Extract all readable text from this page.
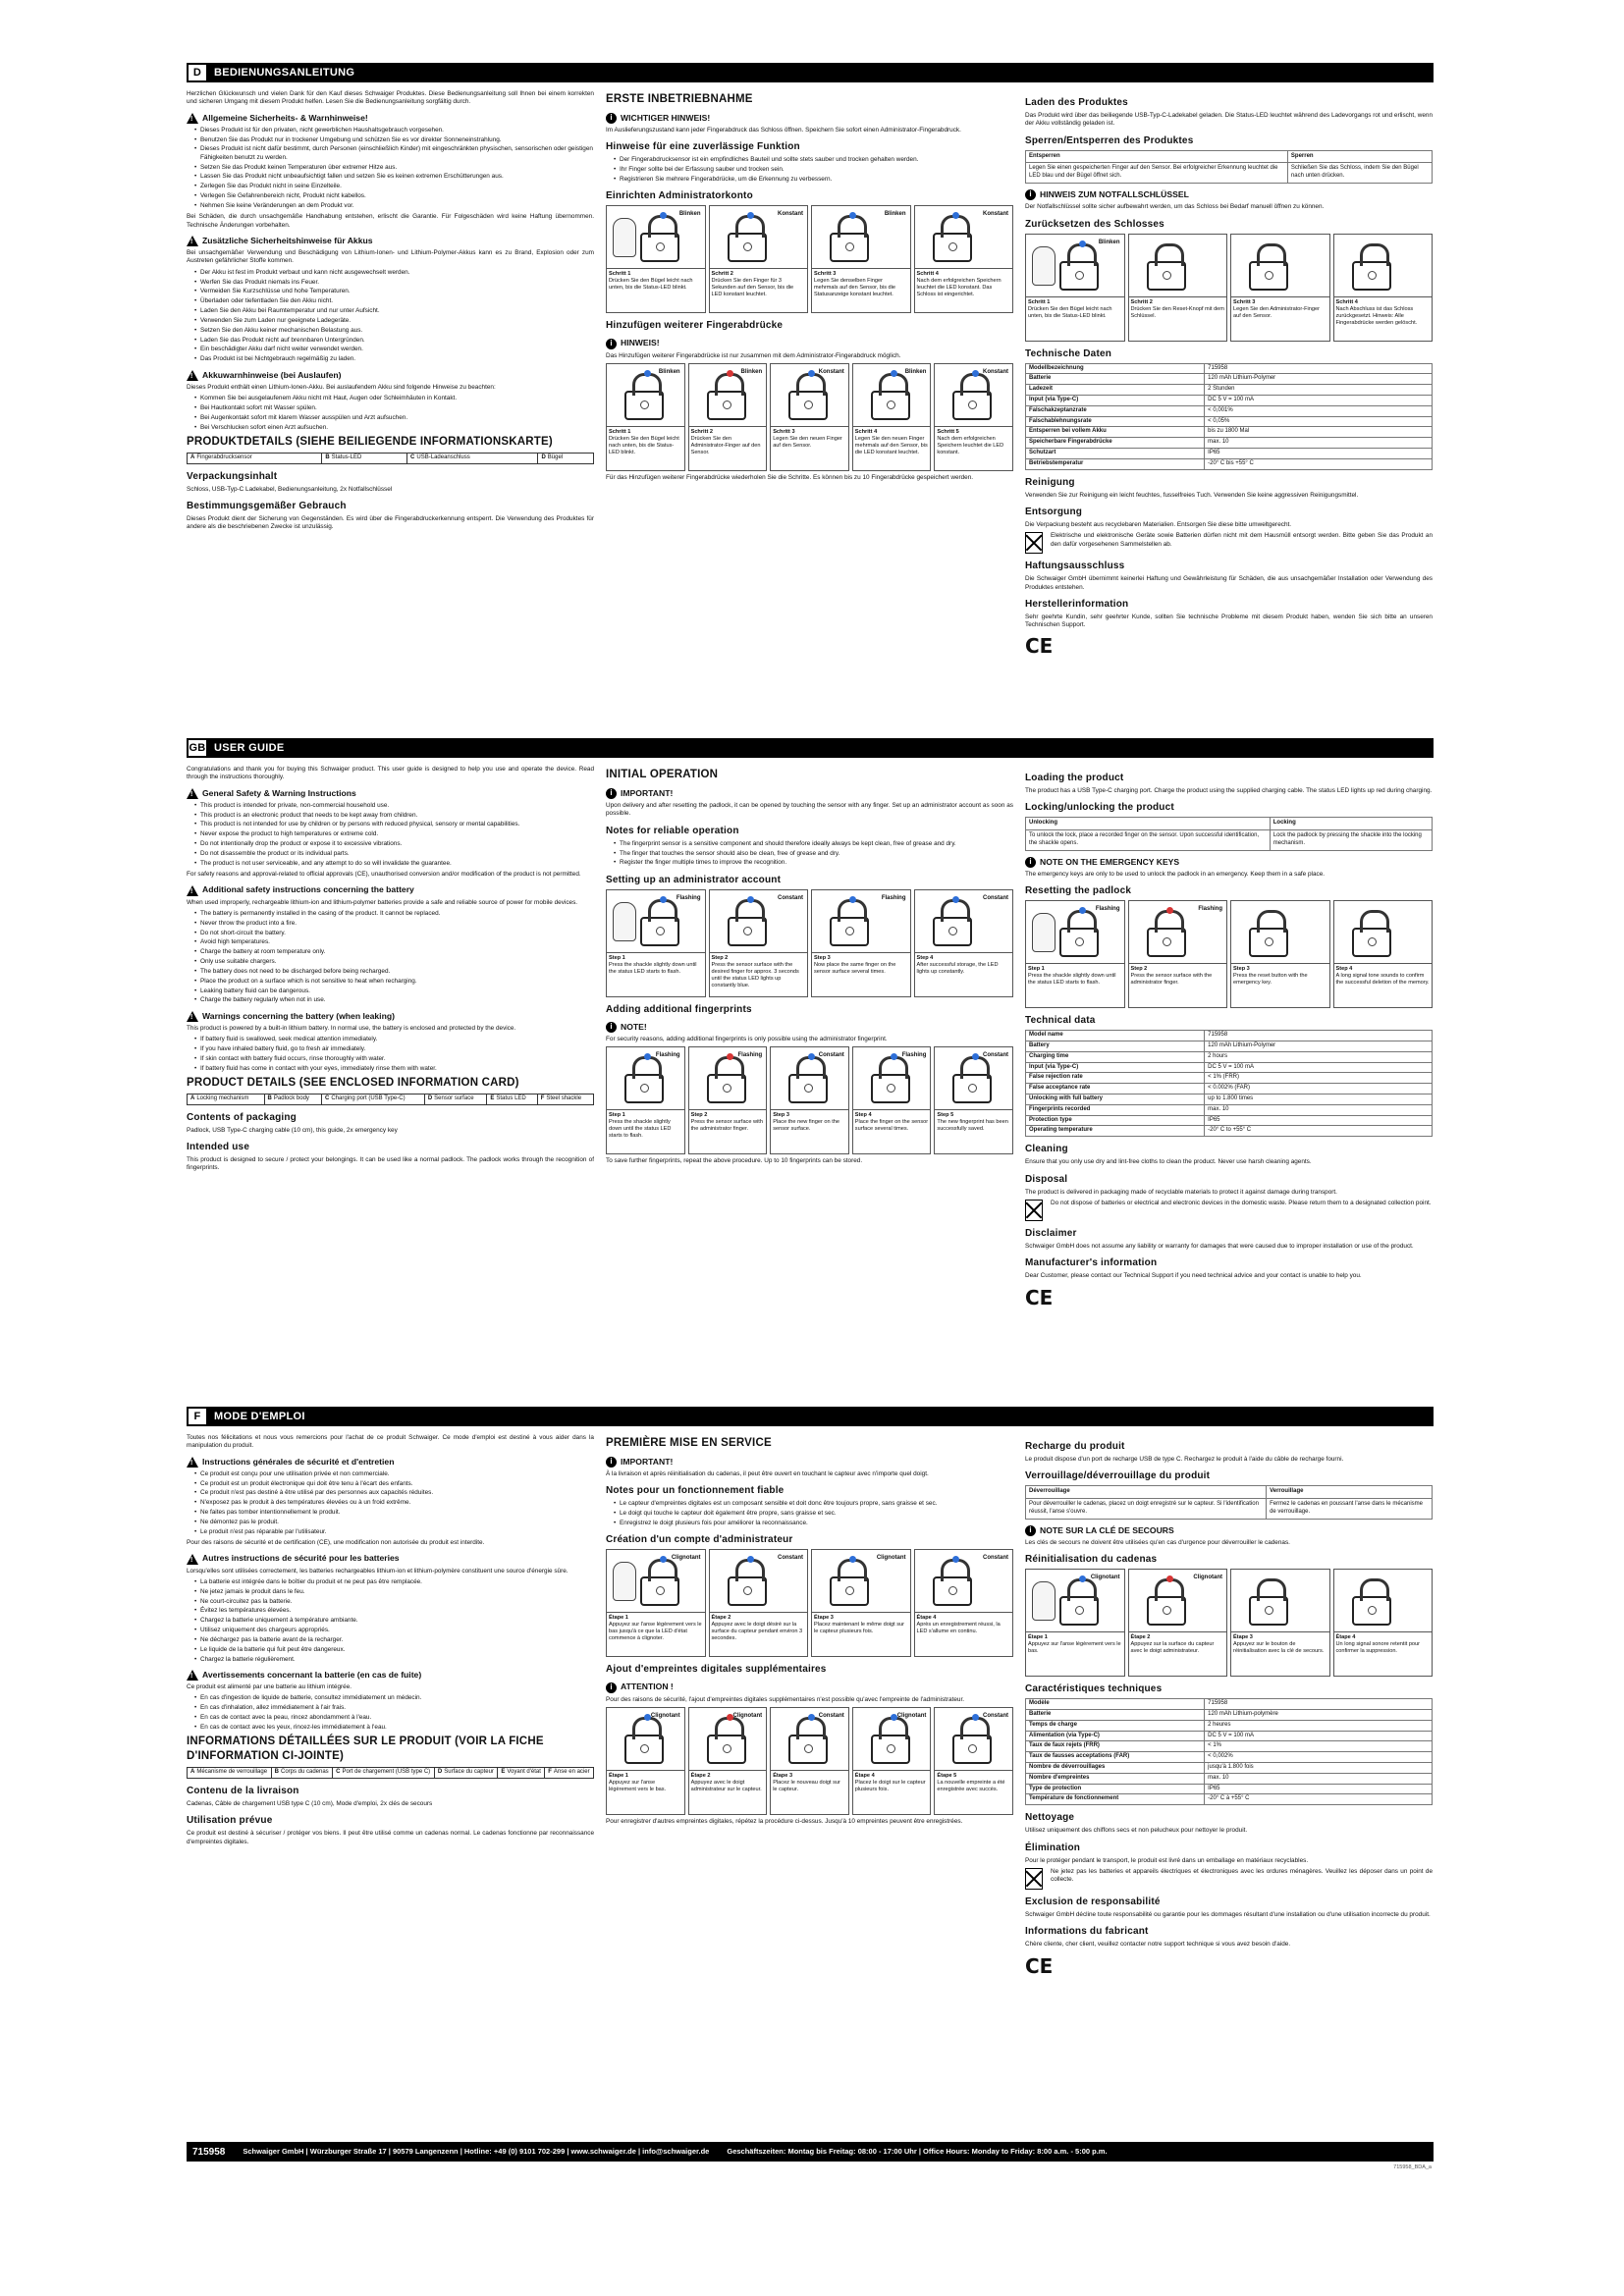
D	BEDIENUNGSANLEITUNG

Herzlichen Glückwunsch und vielen Dank für den Kauf dieses Schwaiger Produktes. Diese Bedienungsanleitung soll Ihnen bei einem korrekten und sicheren Umgang mit diesem Produkt helfen. Lesen Sie die Bedienungsanleitung sorgfältig durch.

!
Allgemeine Sicherheits- & Warnhinweise!
• Dieses Produkt ist für den privaten, nicht gewerblichen Haushaltsgebrauch vorgesehen.
• Benutzen Sie das Produkt nur in trockener Umgebung und schützen Sie es vor direkter Sonneneinstrahlung.
• Dieses Produkt ist nicht dafür bestimmt, durch Personen (einschließlich Kinder) mit eingeschränkten physischen, sensorischen oder geistigen Fähigkeiten benutzt zu werden.
• Setzen Sie das Produkt keinen Temperaturen über extremer Hitze aus.
• Lassen Sie das Produkt nicht unbeaufsichtigt fallen und setzen Sie es keinen extremen Erschütterungen aus.
• Zerlegen Sie das Produkt nicht in seine Einzelteile.
• Verlegen Sie Gefahrenbereich nicht, Produkt nicht kabellos.
• Nehmen Sie keine Veränderungen an dem Produkt vor.

Bei Schäden, die durch unsachgemäße Handhabung entstehen, erlischt die Garantie. Für Folgeschäden wird keine Haftung übernommen. Technische Änderungen vorbehalten.

!
Zusätzliche Sicherheitshinweise für Akkus

Bei unsachgemäßer Verwendung und Beschädigung von Lithium-Ionen- und Lithium-Polymer-Akkus kann es zu Brand, Explosion oder zum Austreten gefährlicher Stoffe kommen.

• Der Akku ist fest im Produkt verbaut und kann nicht ausgewechselt werden.
• Werfen Sie das Produkt niemals ins Feuer.
• Vermeiden Sie Kurzschlüsse und hohe Temperaturen.
• Überladen oder tiefentladen Sie den Akku nicht.
• Laden Sie den Akku bei Raumtemperatur und nur unter Aufsicht.
• Verwenden Sie zum Laden nur geeignete Ladegeräte.
• Setzen Sie den Akku keiner mechanischen Belastung aus.
• Laden Sie das Produkt nicht auf brennbaren Untergründen.
• Ein beschädigter Akku darf nicht weiter verwendet werden.
• Das Produkt ist bei Nichtgebrauch regelmäßig zu laden.
!
Akkuwarnhinweise (bei Auslaufen)

Dieses Produkt enthält einen Lithium-Ionen-Akku. Bei auslaufendem Akku sind folgende Hinweise zu beachten:

• Kommen Sie bei ausgelaufenem Akku nicht mit Haut, Augen oder Schleimhäuten in Kontakt.
• Bei Hautkontakt sofort mit Wasser spülen.
• Bei Augenkontakt sofort mit klarem Wasser ausspülen und Arzt aufsuchen.
• Bei Verschlucken sofort einen Arzt aufsuchen.
PRODUKTDETAILS (SIEHE BEILIEGENDE INFORMATIONSKARTE)
A Fingerabdrucksensor	B Status-LED	C USB-Ladeanschluss	D Bügel
Verpackungsinhalt

Schloss, USB-Typ-C Ladekabel, Bedienungsanleitung, 2x Notfallschlüssel

Bestimmungsgemäßer Gebrauch

Dieses Produkt dient der Sicherung von Gegenständen. Es wird über die Fingerabdruckerkennung entsperrt. Die Verwendung des Produktes für andere als die beschriebenen Zwecke ist unzulässig.

ERSTE INBETRIEBNAHME
i WICHTIGER HINWEIS!

Im Auslieferungszustand kann jeder Fingerabdruck das Schloss öffnen. Speichern Sie sofort einen Administrator-Fingerabdruck.

Hinweise für eine zuverlässige Funktion
• Der Fingerabdrucksensor ist ein empfindliches Bauteil und sollte stets sauber und trocken gehalten werden.
• Ihr Finger sollte bei der Erfassung sauber und trocken sein.
• Registrieren Sie mehrere Fingerabdrücke, um die Erkennung zu verbessern.
Einrichten Administratorkonto
Blinken
Schritt 1
Drücken Sie den Bügel leicht nach unten, bis die Status-LED blinkt.
Konstant
Schritt 2
Drücken Sie den Finger für 3 Sekunden auf den Sensor, bis die LED konstant leuchtet.
Blinken
Schritt 3
Legen Sie denselben Finger mehrmals auf den Sensor, bis die Statusanzeige konstant leuchtet.
Konstant
Schritt 4
Nach dem erfolgreichen Speichern leuchtet die LED konstant. Das Schloss ist eingerichtet.
Hinzufügen weiterer Fingerabdrücke
i HINWEIS!

Das Hinzufügen weiterer Fingerabdrücke ist nur zusammen mit dem Administrator-Fingerabdruck möglich.

Blinken
Schritt 1
Drücken Sie den Bügel leicht nach unten, bis die Status-LED blinkt.
Blinken
Schritt 2
Drücken Sie den Administrator-Finger auf den Sensor.
Konstant
Schritt 3
Legen Sie den neuen Finger auf den Sensor.
Blinken
Schritt 4
Legen Sie den neuen Finger mehrmals auf den Sensor, bis die LED konstant leuchtet.
Konstant
Schritt 5
Nach dem erfolgreichen Speichern leuchtet die LED konstant.

Für das Hinzufügen weiterer Fingerabdrücke wiederholen Sie die Schritte. Es können bis zu 10 Fingerabdrücke gespeichert werden.

Laden des Produktes

Das Produkt wird über das beiliegende USB-Typ-C-Ladekabel geladen. Die Status-LED leuchtet während des Ladevorgangs rot und erlischt, wenn der Akku vollständig geladen ist.

Sperren/Entsperren des Produktes
Entsperren	Sperren
Legen Sie einen gespeicherten Finger auf den Sensor. Bei erfolgreicher Erkennung leuchtet die LED blau und der Bügel öffnet sich.	Schließen Sie das Schloss, indem Sie den Bügel nach unten drücken.
i HINWEIS ZUM NOTFALLSCHLÜSSEL

Der Notfallschlüssel sollte sicher aufbewahrt werden, um das Schloss bei Bedarf manuell öffnen zu können.

Zurücksetzen des Schlosses
Blinken
Schritt 1
Drücken Sie den Bügel leicht nach unten, bis die Status-LED blinkt.
Schritt 2
Drücken Sie den Reset-Knopf mit dem Schlüssel.
Schritt 3
Legen Sie den Administrator-Finger auf den Sensor.
Schritt 4
Nach Abschluss ist das Schloss zurückgesetzt. Hinweis: Alle Fingerabdrücke werden gelöscht.
Technische Daten
Modellbezeichnung	715958
Batterie	120 mAh Lithium-Polymer
Ladezeit	2 Stunden
Input (via Type-C)	DC 5 V = 100 mA
Falschakzeptanzrate	< 0,001%
Falschablehnungsrate	< 0,05%
Entsperren bei vollem Akku	bis zu 1800 Mal
Speicherbare Fingerabdrücke	max. 10
Schutzart	IP65
Betriebstemperatur	-20° C bis +55° C
Reinigung

Verwenden Sie zur Reinigung ein leicht feuchtes, fusselfreies Tuch. Verwenden Sie keine aggressiven Reinigungsmittel.

Entsorgung

Die Verpackung besteht aus recyclebaren Materialien. Entsorgen Sie diese bitte umweltgerecht.

Elektrische und elektronische Geräte sowie Batterien dürfen nicht mit dem Hausmüll entsorgt werden. Bitte geben Sie das Produkt an den dafür vorgesehenen Sammelstellen ab.

Haftungsausschluss

Die Schwaiger GmbH übernimmt keinerlei Haftung und Gewährleistung für Schäden, die aus unsachgemäßer Installation oder Verwendung des Produktes entstehen.

Herstellerinformation

Sehr geehrte Kundin, sehr geehrter Kunde, sollten Sie technische Probleme mit diesem Produkt haben, wenden Sie sich bitte an unseren Technischen Support.

CE
GB USER GUIDE

Congratulations and thank you for buying this Schwaiger product. This user guide is designed to help you use and operate the device. Read through the instructions thoroughly.

!
General Safety & Warning Instructions
• This product is intended for private, non-commercial household use.
• This product is an electronic product that needs to be kept away from children.
• This product is not intended for use by children or by persons with reduced physical, sensory or mental capabilities.
• Never expose the product to high temperatures or extreme cold.
• Do not intentionally drop the product or expose it to excessive vibrations.
• Do not disassemble the product or its individual parts.
• The product is not user serviceable, and any attempt to do so will invalidate the guarantee.

For safety reasons and approval-related to official approvals (CE), unauthorised conversion and/or modification of the product is not permitted.

!
Additional safety instructions concerning the battery

When used improperly, rechargeable lithium-ion and lithium-polymer batteries provide a safe and reliable source of power for mobile devices.

• The battery is permanently installed in the casing of the product. It cannot be replaced.
• Never throw the product into a fire.
• Do not short-circuit the battery.
• Avoid high temperatures.
• Charge the battery at room temperature only.
• Only use suitable chargers.
• The battery does not need to be discharged before being recharged.
• Place the product on a surface which is not sensitive to heat when recharging.
• Leaking battery fluid can be dangerous.
• Charge the battery regularly when not in use.
!
Warnings concerning the battery (when leaking)

This product is powered by a built-in lithium battery. In normal use, the battery is enclosed and protected by the device.

• If battery fluid is swallowed, seek medical attention immediately.
• If you have inhaled battery fluid, go to fresh air immediately.
• If skin contact with battery fluid occurs, rinse thoroughly with water.
• If battery fluid has come in contact with your eyes, immediately rinse them with water.
PRODUCT DETAILS (SEE ENCLOSED INFORMATION CARD)
A Locking mechanism	B Padlock body	C Charging port (USB Type-C)	D Sensor surface	E Status LED	F Steel shackle
Contents of packaging

Padlock, USB Type-C charging cable (10 cm), this guide, 2x emergency key

Intended use

This product is designed to secure / protect your belongings. It can be used like a normal padlock. The padlock works through the recognition of fingerprints.

INITIAL OPERATION
i IMPORTANT!

Upon delivery and after resetting the padlock, it can be opened by touching the sensor with any finger. Set up an administrator account as soon as possible.

Notes for reliable operation
• The fingerprint sensor is a sensitive component and should therefore ideally always be kept clean, free of grease and dry.
• The finger that touches the sensor should also be clean, free of grease and dry.
• Register the finger multiple times to improve the recognition.
Setting up an administrator account
Flashing
Step 1
Press the shackle slightly down until the status LED starts to flash.
Constant
Step 2
Press the sensor surface with the desired finger for approx. 3 seconds until the status LED lights up constantly blue.
Flashing
Step 3
Now place the same finger on the sensor surface several times.
Constant
Step 4
After successful storage, the LED lights up constantly.
Adding additional fingerprints
i NOTE!

For security reasons, adding additional fingerprints is only possible using the administrator fingerprint.

Flashing
Step 1
Press the shackle slightly down until the status LED starts to flash.
Flashing
Step 2
Press the sensor surface with the administrator finger.
Constant
Step 3
Place the new finger on the sensor surface.
Flashing
Step 4
Place the finger on the sensor surface several times.
Constant
Step 5
The new fingerprint has been successfully saved.

To save further fingerprints, repeat the above procedure. Up to 10 fingerprints can be stored.

Loading the product

The product has a USB Type-C charging port. Charge the product using the supplied charging cable. The status LED lights up red during charging.

Locking/unlocking the product
Unlocking	Locking
To unlock the lock, place a recorded finger on the sensor. Upon successful identification, the shackle opens.	Lock the padlock by pressing the shackle into the locking mechanism.
i NOTE ON THE EMERGENCY KEYS

The emergency keys are only to be used to unlock the padlock in an emergency. Keep them in a safe place.

Resetting the padlock
Flashing
Step 1
Press the shackle slightly down until the status LED starts to flash.
Flashing
Step 2
Press the sensor surface with the administrator finger.
Step 3
Press the reset button with the emergency key.
Step 4
A long signal tone sounds to confirm the successful deletion of the memory.
Technical data
Model name	715958
Battery	120 mAh Lithium-Polymer
Charging time	2 hours
Input (via Type-C)	DC 5 V = 100 mA
False rejection rate	< 1% (FRR)
False acceptance rate	< 0.002% (FAR)
Unlocking with full battery	up to 1.800 times
Fingerprints recorded	max. 10
Protection type	IP65
Operating temperature	-20° C to +55° C
Cleaning

Ensure that you only use dry and lint-free cloths to clean the product. Never use harsh cleaning agents.

Disposal

The product is delivered in packaging made of recyclable materials to protect it against damage during transport.

Do not dispose of batteries or electrical and electronic devices in the domestic waste. Please return them to a designated collection point.

Disclaimer

Schwaiger GmbH does not assume any liability or warranty for damages that were caused due to improper installation or use of the product.

Manufacturer's information

Dear Customer, please contact our Technical Support if you need technical advice and your contact is unable to help you.

CE
F	MODE D'EMPLOI

Toutes nos félicitations et nous vous remercions pour l'achat de ce produit Schwaiger. Ce mode d'emploi est destiné à vous aider dans la manipulation du produit.

!
Instructions générales de sécurité et d'entretien
• Ce produit est conçu pour une utilisation privée et non commerciale.
• Ce produit est un produit électronique qui doit être tenu à l'écart des enfants.
• Ce produit n'est pas destiné à être utilisé par des personnes aux capacités réduites.
• N'exposez pas le produit à des températures élevées ou à un froid extrême.
• Ne faites pas tomber intentionnellement le produit.
• Ne démontez pas le produit.
• Le produit n'est pas réparable par l'utilisateur.

Pour des raisons de sécurité et de certification (CE), une modification non autorisée du produit est interdite.

!
Autres instructions de sécurité pour les batteries

Lorsqu'elles sont utilisées correctement, les batteries rechargeables lithium-ion et lithium-polymère constituent une source d'énergie sûre.

• La batterie est intégrée dans le boîtier du produit et ne peut pas être remplacée.
• Ne jetez jamais le produit dans le feu.
• Ne court-circuitez pas la batterie.
• Évitez les températures élevées.
• Chargez la batterie uniquement à température ambiante.
• Utilisez uniquement des chargeurs appropriés.
• Ne déchargez pas la batterie avant de la recharger.
• Le liquide de la batterie qui fuit peut être dangereux.
• Chargez la batterie régulièrement.
!
Avertissements concernant la batterie (en cas de fuite)

Ce produit est alimenté par une batterie au lithium intégrée.

• En cas d'ingestion de liquide de batterie, consultez immédiatement un médecin.
• En cas d'inhalation, allez immédiatement à l'air frais.
• En cas de contact avec la peau, rincez abondamment à l'eau.
• En cas de contact avec les yeux, rincez-les immédiatement à l'eau.
INFORMATIONS DÉTAILLÉES SUR LE PRODUIT (VOIR LA FICHE D'INFORMATION CI-JOINTE)
A Mécanisme de verrouillage	B Corps du cadenas	C Port de chargement (USB type C)	D Surface du capteur	E Voyant d'état	F Anse en acier
Contenu de la livraison

Cadenas, Câble de chargement USB type C (10 cm), Mode d'emploi, 2x clés de secours

Utilisation prévue

Ce produit est destiné à sécuriser / protéger vos biens. Il peut être utilisé comme un cadenas normal. Le cadenas fonctionne par reconnaissance d'empreintes digitales.

PREMIÈRE MISE EN SERVICE
i IMPORTANT!

À la livraison et après réinitialisation du cadenas, il peut être ouvert en touchant le capteur avec n'importe quel doigt.

Notes pour un fonctionnement fiable
• Le capteur d'empreintes digitales est un composant sensible et doit donc être toujours propre, sans graisse et sec.
• Le doigt qui touche le capteur doit également être propre, sans graisse et sec.
• Enregistrez le doigt plusieurs fois pour améliorer la reconnaissance.
Création d'un compte d'administrateur
Clignotant
Étape 1
Appuyez sur l'anse légèrement vers le bas jusqu'à ce que la LED d'état commence à clignoter.
Constant
Étape 2
Appuyez avec le doigt désiré sur la surface du capteur pendant environ 3 secondes.
Clignotant
Étape 3
Placez maintenant le même doigt sur le capteur plusieurs fois.
Constant
Étape 4
Après un enregistrement réussi, la LED s'allume en continu.
Ajout d'empreintes digitales supplémentaires
i ATTENTION !

Pour des raisons de sécurité, l'ajout d'empreintes digitales supplémentaires n'est possible qu'avec l'empreinte de l'administrateur.

Clignotant
Étape 1
Appuyez sur l'anse légèrement vers le bas.
Clignotant
Étape 2
Appuyez avec le doigt administrateur sur le capteur.
Constant
Étape 3
Placez le nouveau doigt sur le capteur.
Clignotant
Étape 4
Placez le doigt sur le capteur plusieurs fois.
Constant
Étape 5
La nouvelle empreinte a été enregistrée avec succès.

Pour enregistrer d'autres empreintes digitales, répétez la procédure ci-dessus. Jusqu'à 10 empreintes peuvent être enregistrées.

Recharge du produit

Le produit dispose d'un port de recharge USB de type C. Rechargez le produit à l'aide du câble de recharge fourni.

Verrouillage/déverrouillage du produit
Déverrouillage	Verrouillage
Pour déverrouiller le cadenas, placez un doigt enregistré sur le capteur. Si l'identification réussit, l'anse s'ouvre.	Fermez le cadenas en poussant l'anse dans le mécanisme de verrouillage.
i NOTE SUR LA CLÉ DE SECOURS

Les clés de secours ne doivent être utilisées qu'en cas d'urgence pour déverrouiller le cadenas.

Réinitialisation du cadenas
Clignotant
Étape 1
Appuyez sur l'anse légèrement vers le bas.
Clignotant
Étape 2
Appuyez sur la surface du capteur avec le doigt administrateur.
Étape 3
Appuyez sur le bouton de réinitialisation avec la clé de secours.
Étape 4
Un long signal sonore retentit pour confirmer la suppression.
Caractéristiques techniques
Modèle	715958
Batterie	120 mAh Lithium-polymère
Temps de charge	2 heures
Alimentation (via Type-C)	DC 5 V = 100 mA
Taux de faux rejets (FRR)	< 1%
Taux de fausses acceptations (FAR)	< 0,002%
Nombre de déverrouillages	jusqu'à 1.800 fois
Nombre d'empreintes	max. 10
Type de protection	IP65
Température de fonctionnement	-20° C à +55° C
Nettoyage

Utilisez uniquement des chiffons secs et non pelucheux pour nettoyer le produit.

Élimination

Pour le protéger pendant le transport, le produit est livré dans un emballage en matériaux recyclables.

Ne jetez pas les batteries et appareils électriques et électroniques avec les ordures ménagères. Veuillez les déposer dans un point de collecte.

Exclusion de responsabilité

Schwaiger GmbH décline toute responsabilité ou garantie pour les dommages résultant d'une installation ou d'une utilisation incorrecte du produit.

Informations du fabricant

Chère cliente, cher client, veuillez contacter notre support technique si vous avez besoin d'aide.

CE
715958 Schwaiger GmbH | Würzburger Straße 17 | 90579 Langenzenn | Hotline: +49 (0) 9101 702-299 | www.schwaiger.de | info@schwaiger.de Geschäftszeiten: Montag bis Freitag: 08:00 - 17:00 Uhr | Office Hours: Monday to Friday: 8:00 a.m. - 5:00 p.m.
715958_BDA_a
